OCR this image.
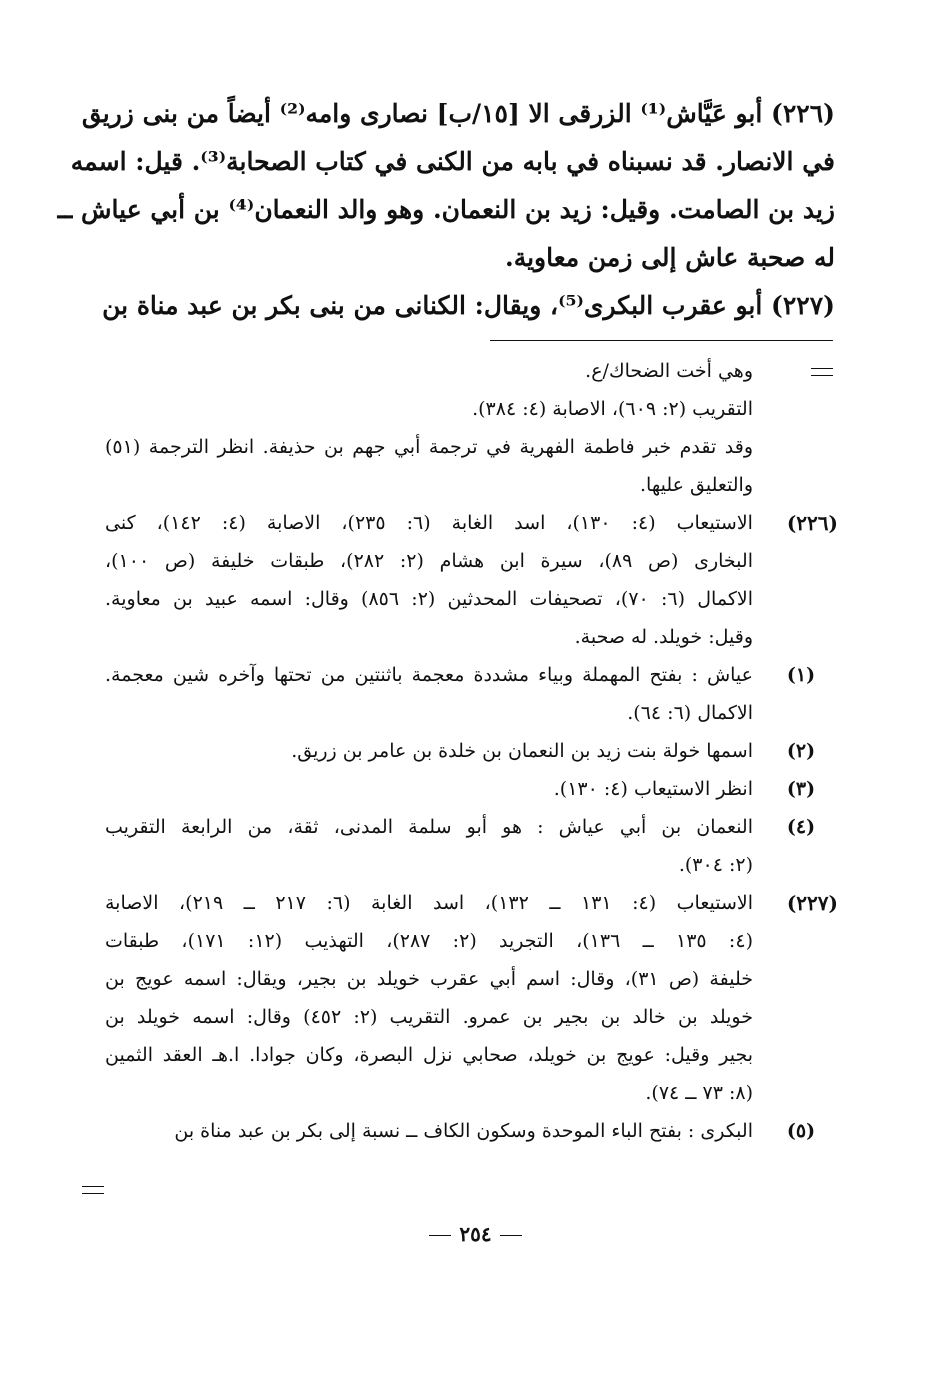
(٢٢٦) أبو عَيَّاش⁽¹⁾ الزرقى الا [١٥/ب] نصارى وامه⁽²⁾ أيضاً من بنى زريق
في الانصار. قد نسبناه في بابه من الكنى في كتاب الصحابة⁽³⁾. قيل: اسمه
زيد بن الصامت. وقيل: زيد بن النعمان. وهو والد النعمان⁽⁴⁾ بن أبي عياش ــ
له صحبة عاش إلى زمن معاوية.
(٢٢٧) أبو عقرب البكرى⁽⁵⁾، ويقال: الكنانى من بنى بكر بن عبد مناة بن
وهي أخت الضحاك/ع.
التقريب (٢: ٦٠٩)، الاصابة (٤: ٣٨٤).
وقد تقدم خبر فاطمة الفهرية في ترجمة أبي جهم بن حذيفة. انظر الترجمة (٥١)
والتعليق عليها.
(٢٢٦)
الاستيعاب (٤: ١٣٠)، اسد الغابة (٦: ٢٣٥)، الاصابة (٤: ١٤٢)، كنى
البخارى (ص ٨٩)، سيرة ابن هشام (٢: ٢٨٢)، طبقات خليفة (ص ١٠٠)،
الاكمال (٦: ٧٠)، تصحيفات المحدثين (٢: ٨٥٦) وقال: اسمه عبيد بن معاوية.
وقيل: خويلد. له صحبة.
(١)
عياش : بفتح المهملة وبياء مشددة معجمة باثنتين من تحتها وآخره شين معجمة.
الاكمال (٦: ٦٤).
(٢)
اسمها خولة بنت زيد بن النعمان بن خلدة بن عامر بن زريق.
(٣)
انظر الاستيعاب (٤: ١٣٠).
(٤)
النعمان بن أبي عياش : هو أبو سلمة المدنى، ثقة، من الرابعة التقريب
(٢: ٣٠٤).
(٢٢٧)
الاستيعاب (٤: ١٣١ ــ ١٣٢)، اسد الغابة (٦: ٢١٧ ــ ٢١٩)، الاصابة
(٤: ١٣٥ ــ ١٣٦)، التجريد (٢: ٢٨٧)، التهذيب (١٢: ١٧١)، طبقات
خليفة (ص ٣١)، وقال: اسم أبي عقرب خويلد بن بجير، ويقال: اسمه عويج بن
خويلد بن خالد بن بجير بن عمرو. التقريب (٢: ٤٥٢) وقال: اسمه خويلد بن
بجير وقيل: عويج بن خويلد، صحابي نزل البصرة، وكان جوادا. ا.هـ العقد الثمين
(٨: ٧٣ ــ ٧٤).
(٥)
البكرى : بفتح الباء الموحدة وسكون الكاف ــ نسبة إلى بكر بن عبد مناة بن
٢٥٤
